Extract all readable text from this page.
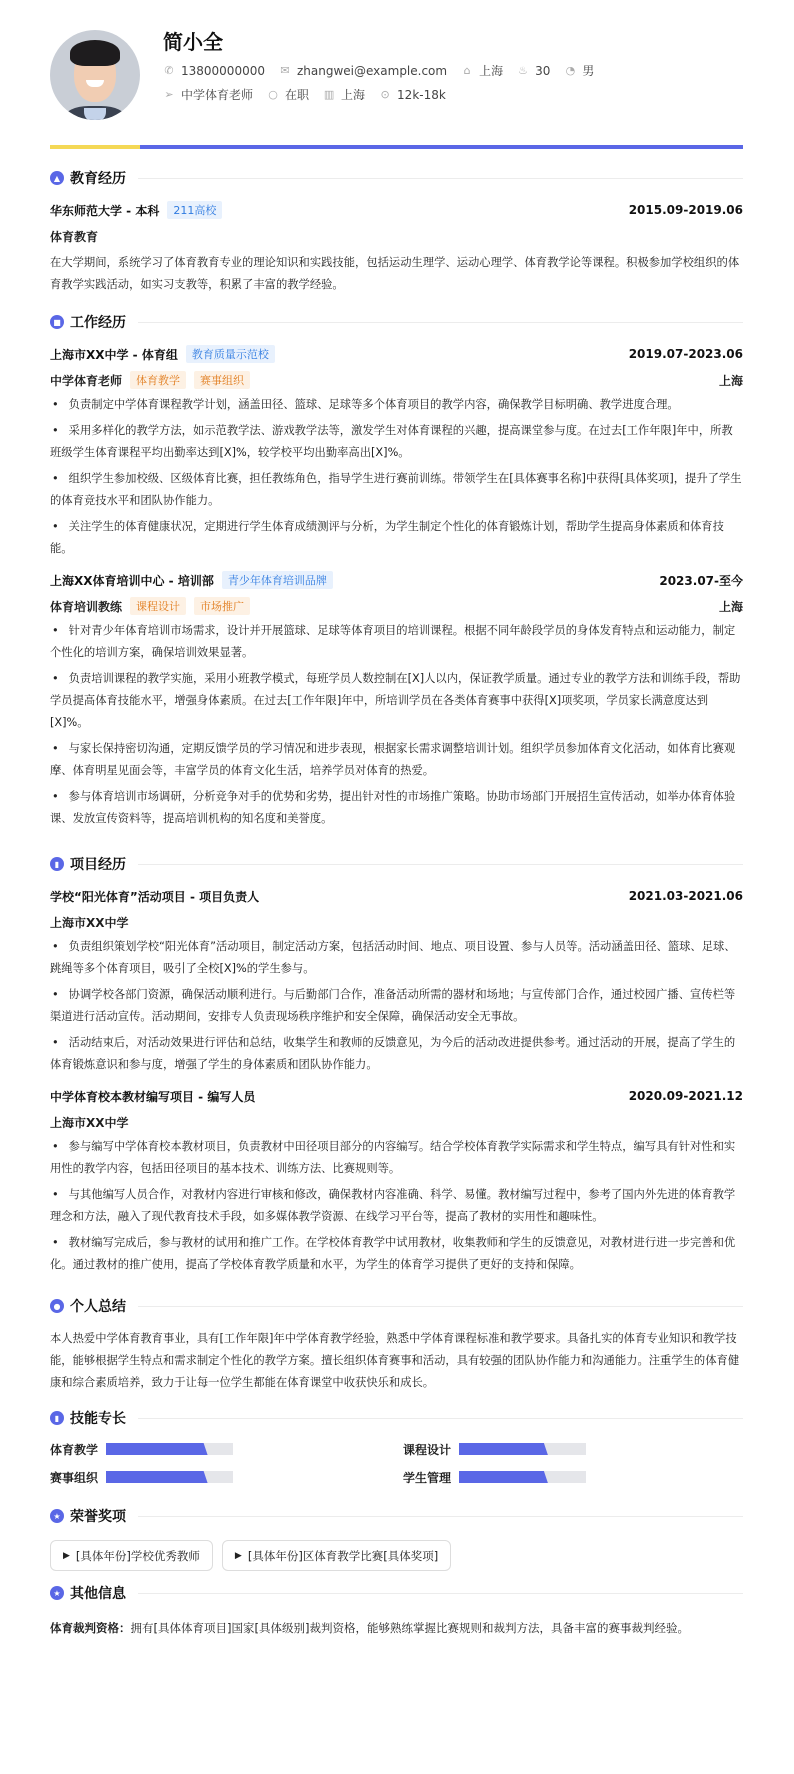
简小全
✆ 13800000000 ✉ zhangwei@example.com ⌂ 上海 ♨ 30 ◔ 男
➢ 中学体育老师 ○ 在职 ▥ 上海 ⊙ 12k-18k
▲ 教育经历
华东师范大学 - 本科	211高校	2015.09-2019.06
体育教育
在大学期间，系统学习了体育教育专业的理论知识和实践技能，包括运动生理学、运动心理学、体育教学论等课程。积极参加学校组织的体育教学实践活动，如实习支教等，积累了丰富的教学经验。
■ 工作经历
上海市XX中学 - 体育组	教育质量示范校	2019.07-2023.06
中学体育老师	体育教学	赛事组织	上海
• 负责制定中学体育课程教学计划，涵盖田径、篮球、足球等多个体育项目的教学内容，确保教学目标明确、教学进度合理。
• 采用多样化的教学方法，如示范教学法、游戏教学法等，激发学生对体育课程的兴趣，提高课堂参与度。在过去[工作年限]年中，所教班级学生体育课程平均出勤率达到[X]%，较学校平均出勤率高出[X]%。
• 组织学生参加校级、区级体育比赛，担任教练角色，指导学生进行赛前训练。带领学生在[具体赛事名称]中获得[具体奖项]，提升了学生的体育竞技水平和团队协作能力。
• 关注学生的体育健康状况，定期进行学生体育成绩测评与分析，为学生制定个性化的体育锻炼计划，帮助学生提高身体素质和体育技能。
上海XX体育培训中心 - 培训部	青少年体育培训品牌	2023.07-至今
体育培训教练	课程设计	市场推广	上海
• 针对青少年体育培训市场需求，设计并开展篮球、足球等体育项目的培训课程。根据不同年龄段学员的身体发育特点和运动能力，制定个性化的培训方案，确保培训效果显著。
• 负责培训课程的教学实施，采用小班教学模式，每班学员人数控制在[X]人以内，保证教学质量。通过专业的教学方法和训练手段，帮助学员提高体育技能水平，增强身体素质。在过去[工作年限]年中，所培训学员在各类体育赛事中获得[X]项奖项，学员家长满意度达到[X]%。
• 与家长保持密切沟通，定期反馈学员的学习情况和进步表现，根据家长需求调整培训计划。组织学员参加体育文化活动，如体育比赛观摩、体育明星见面会等，丰富学员的体育文化生活，培养学员对体育的热爱。
• 参与体育培训市场调研，分析竞争对手的优势和劣势，提出针对性的市场推广策略。协助市场部门开展招生宣传活动，如举办体育体验课、发放宣传资料等，提高培训机构的知名度和美誉度。
▮ 项目经历
学校“阳光体育”活动项目 - 项目负责人	2021.03-2021.06
上海市XX中学
• 负责组织策划学校“阳光体育”活动项目，制定活动方案，包括活动时间、地点、项目设置、参与人员等。活动涵盖田径、篮球、足球、跳绳等多个体育项目，吸引了全校[X]%的学生参与。
• 协调学校各部门资源，确保活动顺利进行。与后勤部门合作，准备活动所需的器材和场地；与宣传部门合作，通过校园广播、宣传栏等渠道进行活动宣传。活动期间，安排专人负责现场秩序维护和安全保障，确保活动安全无事故。
• 活动结束后，对活动效果进行评估和总结，收集学生和教师的反馈意见，为今后的活动改进提供参考。通过活动的开展，提高了学生的体育锻炼意识和参与度，增强了学生的身体素质和团队协作能力。
中学体育校本教材编写项目 - 编写人员	2020.09-2021.12
上海市XX中学
• 参与编写中学体育校本教材项目，负责教材中田径项目部分的内容编写。结合学校体育教学实际需求和学生特点，编写具有针对性和实用性的教学内容，包括田径项目的基本技术、训练方法、比赛规则等。
• 与其他编写人员合作，对教材内容进行审核和修改，确保教材内容准确、科学、易懂。教材编写过程中，参考了国内外先进的体育教学理念和方法，融入了现代教育技术手段，如多媒体教学资源、在线学习平台等，提高了教材的实用性和趣味性。
• 教材编写完成后，参与教材的试用和推广工作。在学校体育教学中试用教材，收集教师和学生的反馈意见，对教材进行进一步完善和优化。通过教材的推广使用，提高了学校体育教学质量和水平，为学生的体育学习提供了更好的支持和保障。
● 个人总结
本人热爱中学体育教育事业，具有[工作年限]年中学体育教学经验，熟悉中学体育课程标准和教学要求。具备扎实的体育专业知识和教学技能，能够根据学生特点和需求制定个性化的教学方案。擅长组织体育赛事和活动，具有较强的团队协作能力和沟通能力。注重学生的体育健康和综合素质培养，致力于让每一位学生都能在体育课堂中收获快乐和成长。
▮ 技能专长
体育教学	课程设计
赛事组织	学生管理
★ 荣誉奖项
▶ [具体年份]学校优秀教师	▶ [具体年份]区体育教学比赛[具体奖项]
★ 其他信息
体育裁判资格：拥有[具体体育项目]国家[具体级别]裁判资格，能够熟练掌握比赛规则和裁判方法，具备丰富的赛事裁判经验。
